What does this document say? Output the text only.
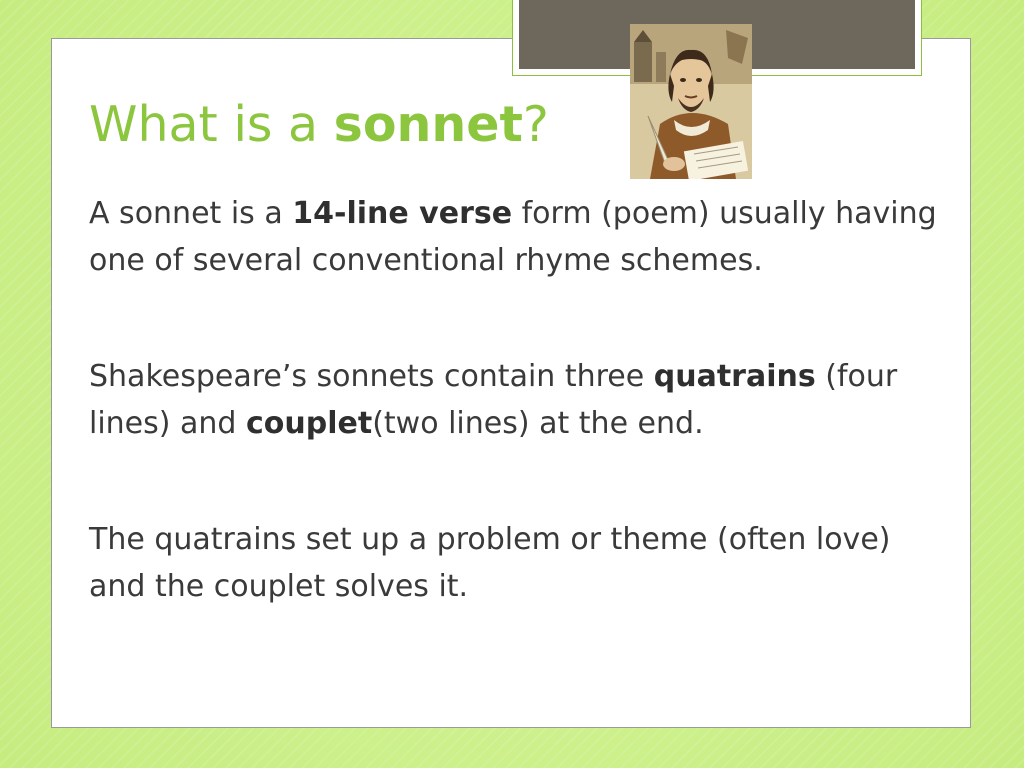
What is a sonnet?

A sonnet is a 14-line verse form (poem) usually having one of several conventional rhyme schemes.

Shakespeare’s sonnets contain three quatrains (four lines) and couplet(two lines) at the end.

The quatrains set up a problem or theme (often love) and the couplet solves it.
